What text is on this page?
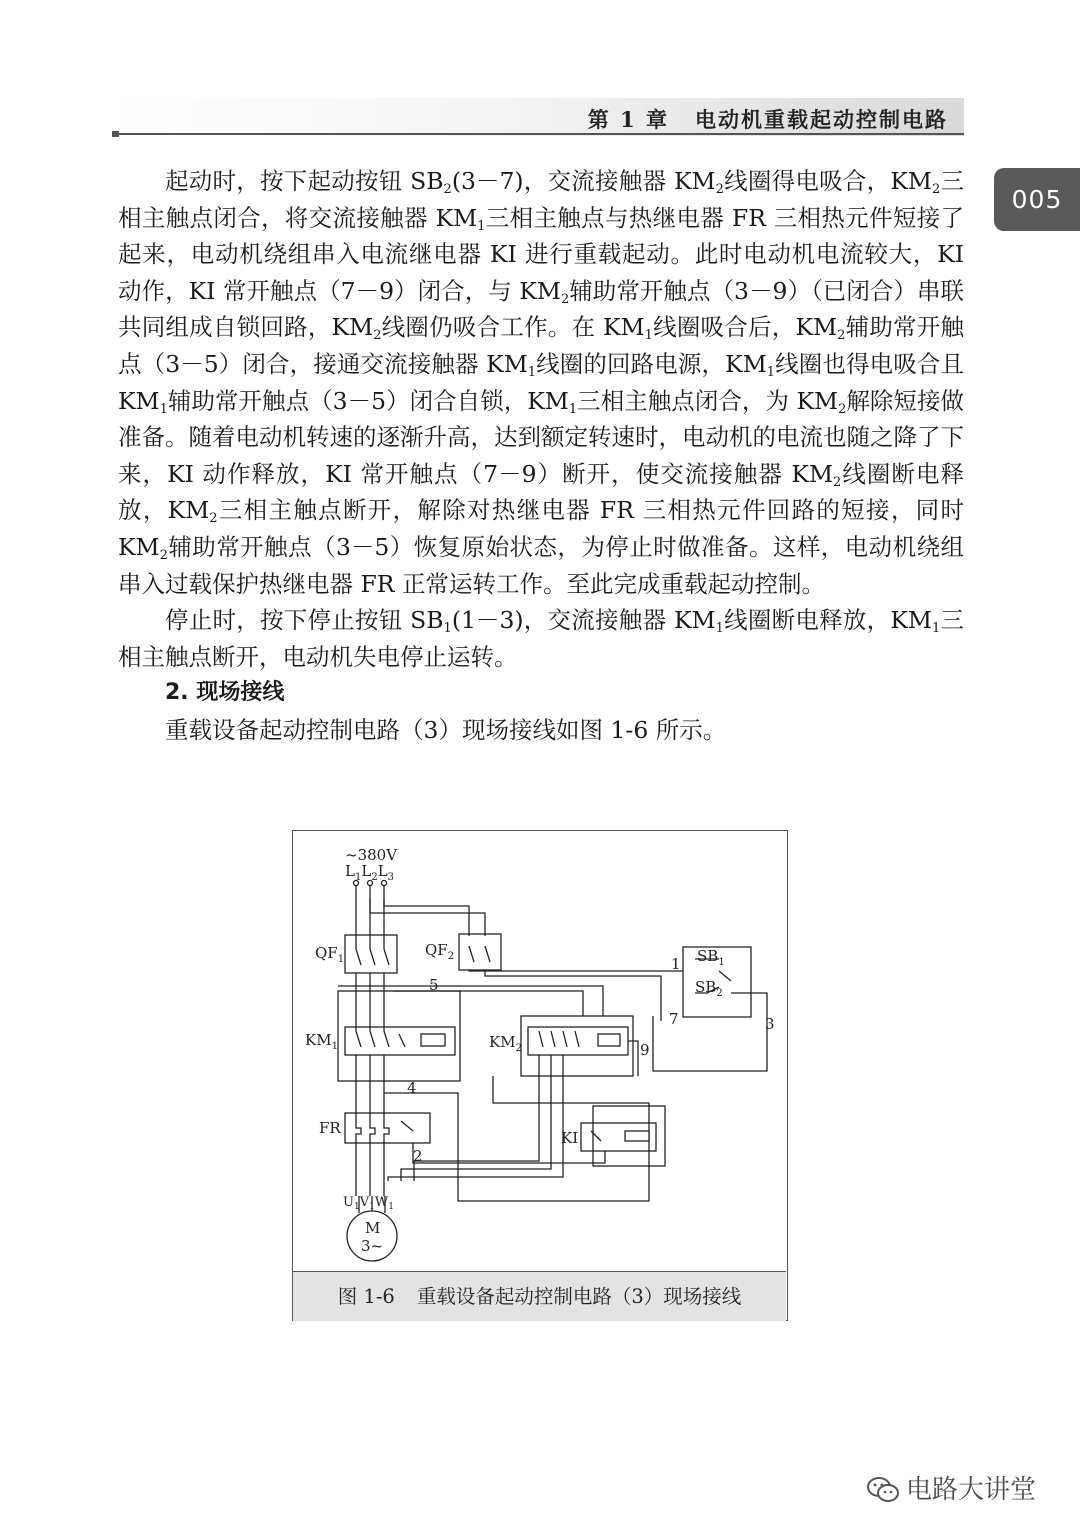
第 1 章 电动机重载起动控制电路
005

起动时，按下起动按钮 $SB_2(3-7)$，交流接触器 $KM_2$线圈得电吸合，$KM_2$三相主触点闭合，将交流接触器 $KM_1$三相主触点与热继电器 FR 三相热元件短接了起来，电动机绕组串入电流继电器 KI 进行重载起动。此时电动机电流较大，KI 动作，KI 常开触点（7－9）闭合，与 $KM_2$辅助常开触点（3－9）（已闭合）串联共同组成自锁回路，$KM_2$线圈仍吸合工作。在 $KM_1$线圈吸合后，$KM_2$辅助常开触点（3－5）闭合，接通交流接触器 $KM_1$线圈的回路电源，$KM_1$线圈也得电吸合且 $KM_1$辅助常开触点（3－5）闭合自锁，$KM_1$三相主触点闭合，为 $KM_2$解除短接做准备。随着电动机转速的逐渐升高，达到额定转速时，电动机的电流也随之降了下来，KI 动作释放，KI 常开触点（7－9）断开，使交流接触器 $KM_2$线圈断电释放，$KM_2$三相主触点断开，解除对热继电器 FR 三相热元件回路的短接，同时 $KM_2$辅助常开触点（3－5）恢复原始状态，为停止时做准备。这样，电动机绕组串入过载保护热继电器 FR 正常运转工作。至此完成重载起动控制。

停止时，按下停止按钮 $SB_1(1-3)$，交流接触器 $KM_1$线圈断电释放，$KM_1$三相主触点断开，电动机失电停止运转。

2. 现场接线

重载设备起动控制电路（3）现场接线如图 1-6 所示。

~380V
$L_1L_2L_3$
$QF_1$
$QF_2$
$KM_1$	$KM_2$
FR
KI
$SB_1$
$SB_2$
$U_1V_1W_1$
M
3~
1
2
3
4
5
7
9
图 1-6 重载设备起动控制电路（3）现场接线
电路大讲堂
